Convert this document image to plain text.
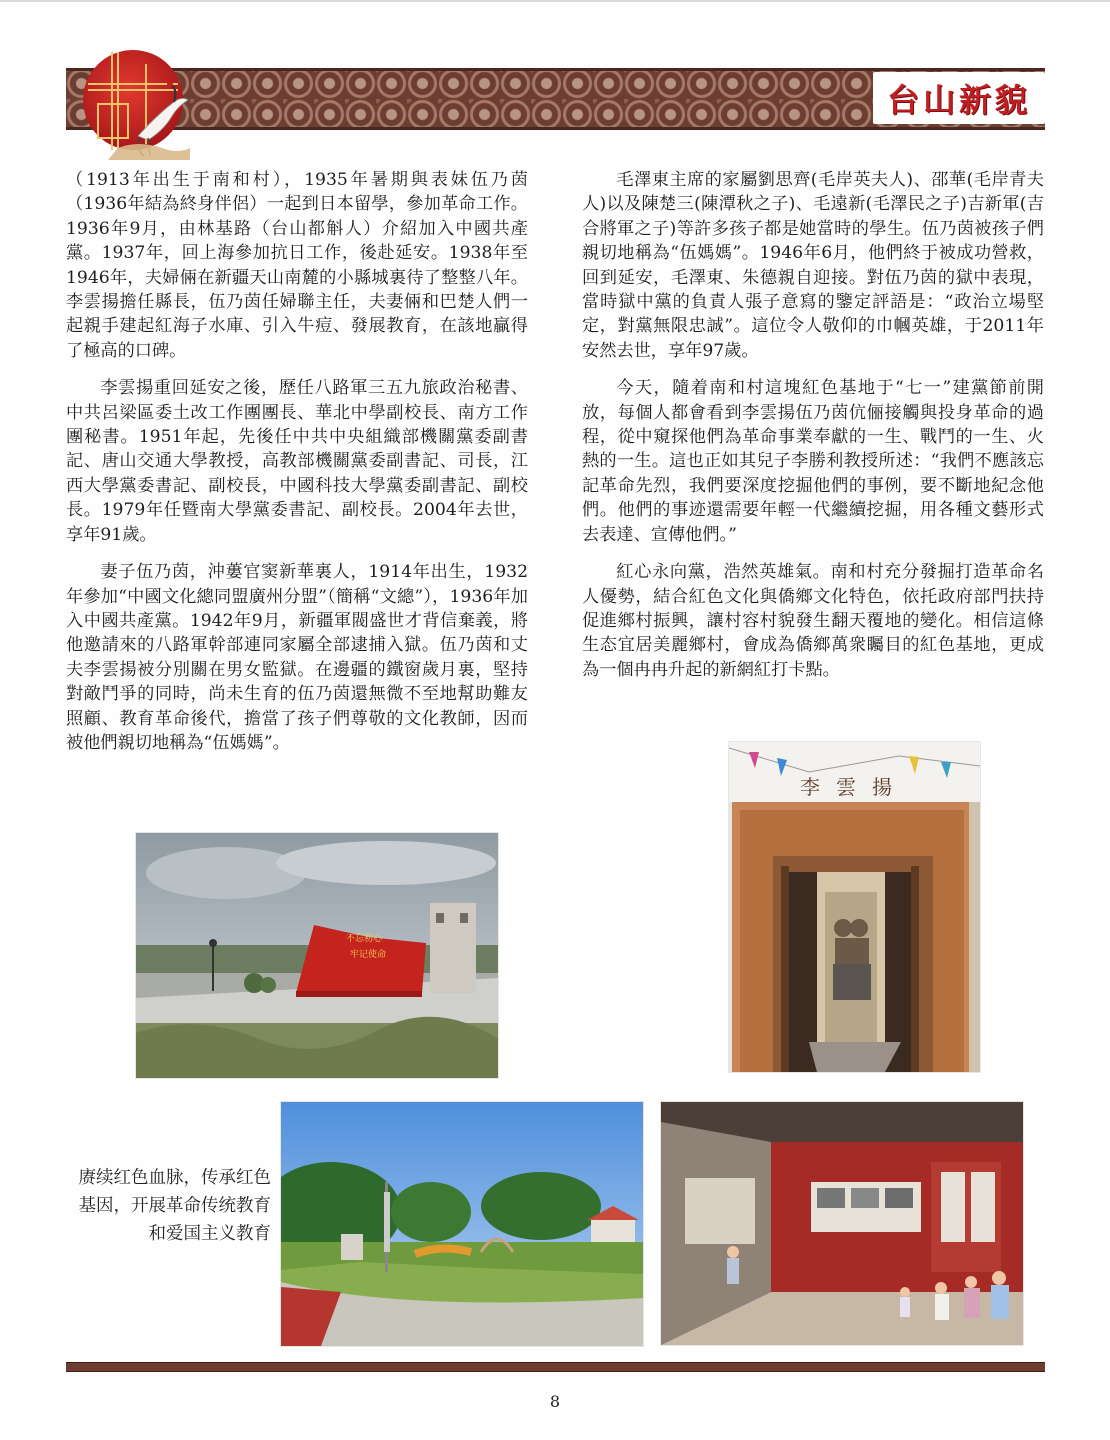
台山新貌

（1913年出生于南和村），1935年暑期與表妹伍乃茵（1936年結為終身伴侶）一起到日本留學，參加革命工作。1936年9月，由林基路（台山都斛人）介紹加入中國共產黨。1937年，回上海參加抗日工作，後赴延安。1938年至1946年，夫婦倆在新疆天山南麓的小縣城裏待了整整八年。李雲揚擔任縣長，伍乃茵任婦聯主任，夫妻倆和巴楚人們一起親手建起紅海子水庫、引入牛痘、發展教育，在該地贏得了極高的口碑。

李雲揚重回延安之後，歷任八路軍三五九旅政治秘書、中共呂梁區委土改工作團團長、華北中學副校長、南方工作團秘書。1951年起，先後任中共中央組織部機關黨委副書記、唐山交通大學教授，高教部機關黨委副書記、司長，江西大學黨委書記、副校長，中國科技大學黨委副書記、副校長。1979年任暨南大學黨委書記、副校長。2004年去世，享年91歲。

妻子伍乃茵，沖蔞官窦新華裏人，1914年出生，1932年參加“中國文化總同盟廣州分盟”（簡稱“文總”），1936年加入中國共產黨。1942年9月，新疆軍閥盛世才背信棄義，將他邀請來的八路軍幹部連同家屬全部逮捕入獄。伍乃茵和丈夫李雲揚被分別關在男女監獄。在邊疆的鐵窗歲月裏，堅持對敵鬥爭的同時，尚未生育的伍乃茵還無微不至地幫助難友照顧、教育革命後代，擔當了孩子們尊敬的文化教師，因而被他們親切地稱為“伍媽媽”。

毛澤東主席的家屬劉思齊(毛岸英夫人)、邵華(毛岸青夫人)以及陳楚三(陳潭秋之子)、毛遠新(毛澤民之子)吉新軍(吉合將軍之子)等許多孩子都是她當時的學生。伍乃茵被孩子們親切地稱為“伍媽媽”。1946年6月，他們終于被成功營救，回到延安，毛澤東、朱德親自迎接。對伍乃茵的獄中表現，當時獄中黨的負責人張子意寫的鑒定評語是：“政治立場堅定，對黨無限忠誠”。這位令人敬仰的巾幗英雄，于2011年安然去世，享年97歲。

今天，隨着南和村這塊紅色基地于“七一”建黨節前開放，每個人都會看到李雲揚伍乃茵伉俪接觸與投身革命的過程，從中窺探他們為革命事業奉獻的一生、戰鬥的一生、火熱的一生。這也正如其兒子李勝利教授所述：“我們不應該忘記革命先烈，我們要深度挖掘他們的事例，要不斷地紀念他們。他們的事迹還需要年輕一代繼續挖掘，用各種文藝形式去表達、宣傳他們。”

紅心永向黨，浩然英雄氣。南和村充分發掘打造革命名人優勢，結合紅色文化與僑鄉文化特色，依托政府部門扶持促進鄉村振興，讓村容村貌發生翻天覆地的變化。相信這條生态宜居美麗鄉村，會成為僑鄉萬衆矚目的紅色基地，更成為一個冉冉升起的新網紅打卡點。

李雲揚
不忘初心
牢记使命
赓续红色血脉，传承红色基因，开展革命传统教育和爱国主义教育
8
